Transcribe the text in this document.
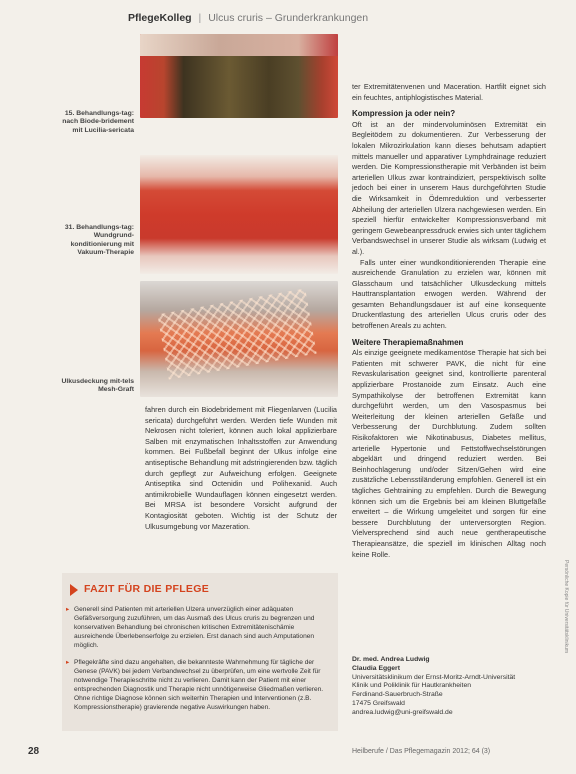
PflegeKolleg | Ulcus cruris – Grunderkrankungen
15. Behandlungs-tag: nach Biode-bridement mit Lucilia-sericata
31. Behandlungs-tag: Wundgrund-konditionierung mit Vakuum-Therapie
Ulkusdeckung mit-tels Mesh-Graft

fahren durch ein Biodebridement mit Fliegenlarven (Lucilia sericata) durchgeführt werden. Werden tiefe Wunden mit Nekrosen nicht toleriert, können auch lokal applizierbare Salben mit enzymatischen Inhaltsstoffen zur Anwendung kommen. Bei Fußbefall beginnt der Ulkus infolge eine antiseptische Behandlung mit adstringierenden bzw. täglich durch gepflegt zur Aufweichung erfolgen. Geeignete Antiseptika sind Octenidin und Polihexanid. Auch antimikrobielle Wundauflagen können eingesetzt werden. Bei MRSA ist besondere Vorsicht aufgrund der Kontagiosität geboten. Wichtig ist der Schutz der Ulkusumgebung vor Mazeration.

ter Extremitätenvenen und Maceration. Hartfilt eignet sich ein feuchtes, antiphlogistisches Material.

Kompression ja oder nein?

Oft ist an der mindervoluminösen Extremität ein Begleitödem zu dokumentieren. Zur Verbesserung der lokalen Mikrozirkulation kann dieses behutsam adaptiert mittels manueller und apparativer Lymphdrainage reduziert werden. Die Kompressionstherapie mit Verbänden ist beim arteriellen Ulkus zwar kontraindiziert, perspektivisch sollte jedoch bei einer in unserem Haus durchgeführten Studie die Wirksamkeit in Ödemreduktion und verbesserter Abheilung der arteriellen Ulzera nachgewiesen werden. Ein speziell hierfür entwickelter Kompressionsverband mit geringem Gewebeanpressdruck erwies sich unter täglichem Verbandswechsel in unserer Studie als wirksam (Ludwig et al.).

Falls unter einer wundkonditionierenden Therapie eine ausreichende Granulation zu erzielen war, können mit Glasschaum und tatsächlicher Ulkusdeckung mittels Hauttransplantation erwogen werden. Während der gesamten Behandlungsdauer ist auf eine konsequente Druckentlastung des arteriellen Ulcus cruris oder des betroffenen Areals zu achten.

Weitere Therapiemaßnahmen

Als einzige geeignete medikamentöse Therapie hat sich bei Patienten mit schwerer PAVK, die nicht für eine Revaskularisation geeignet sind, kontrollierte parenteral applizierbare Prostanoide zum Einsatz. Auch eine Sympathikolyse der betroffenen Extremität kann durchgeführt werden, um den Vasospasmus bei Weiterleitung der kleinen arteriellen Gefäße und Verbesserung der Durchblutung. Zudem sollten Risikofaktoren wie Nikotinabusus, Diabetes mellitus, arterielle Hypertonie und Fettstoffwechselstörungen abgeklärt und dringend reduziert werden. Bei Beinhochlagerung und/oder Sitzen/Gehen wird eine zusätzliche Lebensstiländerung empfohlen. Generell ist ein tägliches Gehtraining zu empfehlen. Durch die Bewegung können sich um die Ergebnis bei am kleinen Bluttgefäße erweitert – die Wirkung umgeleitet und sorgen für eine bessere Durchblutung der unterversorgten Region. Vielversprechend sind auch neue gentherapeutische Therapieansätze, die speziell im klinischen Alltag noch keine Rolle.

FAZIT FÜR DIE PFLEGE
▸ Generell sind Patienten mit arteriellen Ulzera unverzüglich einer adäquaten Gefäßversorgung zuzuführen, um das Ausmaß des Ulcus cruris zu begrenzen und konservativen Behandlung bei chronischen kritischen Extremitätenischämie ausreichende Überlebenserfolge zu erzielen. Erst danach sind auch Amputationen möglich.
▸ Pflegekräfte sind dazu angehalten, die bekannteste Wahrnehmung für tägliche der Genese (PAVK) bei jedem Verbandwechsel zu überprüfen, um eine wertvolle Zeit für notwendige Therapieschritte nicht zu verlieren. Damit kann der Patient mit einer entsprechenden Diagnostik und Therapie nicht unnötigerweise Gliedmaßen verlieren. Ohne richtige Diagnose können sich weiterhin Therapien und Interventionen (z.B. Kompressionstherapie) gravierende negative Auswirkungen haben.
Dr. med. Andrea Ludwig
Claudia Eggert
Universitätsklinikum der Ernst-Moritz-Arndt-Universität
Klinik und Poliklinik für Hautkrankheiten
Ferdinand-Sauerbruch-Straße
17475 Greifswald
andrea.ludwig@uni-greifswald.de
28	Heilberufe / Das Pflegemagazin 2012; 64 (3)
Persönliche Kopie für Universitätsklinikum
